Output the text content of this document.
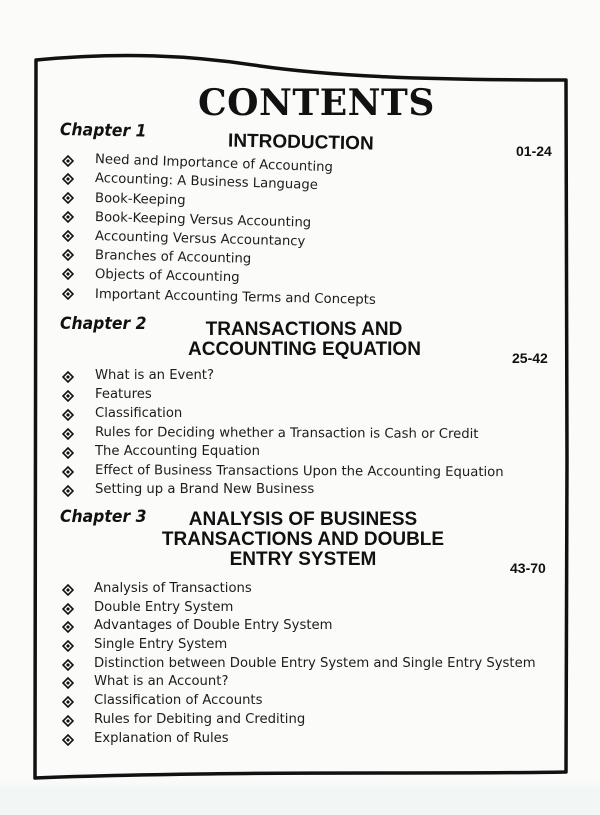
CONTENTS
Chapter 1	INTRODUCTION	01-24
Need and Importance of Accounting
Accounting: A Business Language
Book-Keeping
Book-Keeping Versus Accounting
Accounting Versus Accountancy
Branches of Accounting
Objects of Accounting
Important Accounting Terms and Concepts
Chapter 2	TRANSACTIONS AND
ACCOUNTING EQUATION	25-42
What is an Event?
Features
Classification
Rules for Deciding whether a Transaction is Cash or Credit
The Accounting Equation
Effect of Business Transactions Upon the Accounting Equation
Setting up a Brand New Business
Chapter 3	ANALYSIS OF BUSINESS
TRANSACTIONS AND DOUBLE
ENTRY SYSTEM	43-70
Analysis of Transactions
Double Entry System
Advantages of Double Entry System
Single Entry System
Distinction between Double Entry System and Single Entry System
What is an Account?
Classification of Accounts
Rules for Debiting and Crediting
Explanation of Rules
